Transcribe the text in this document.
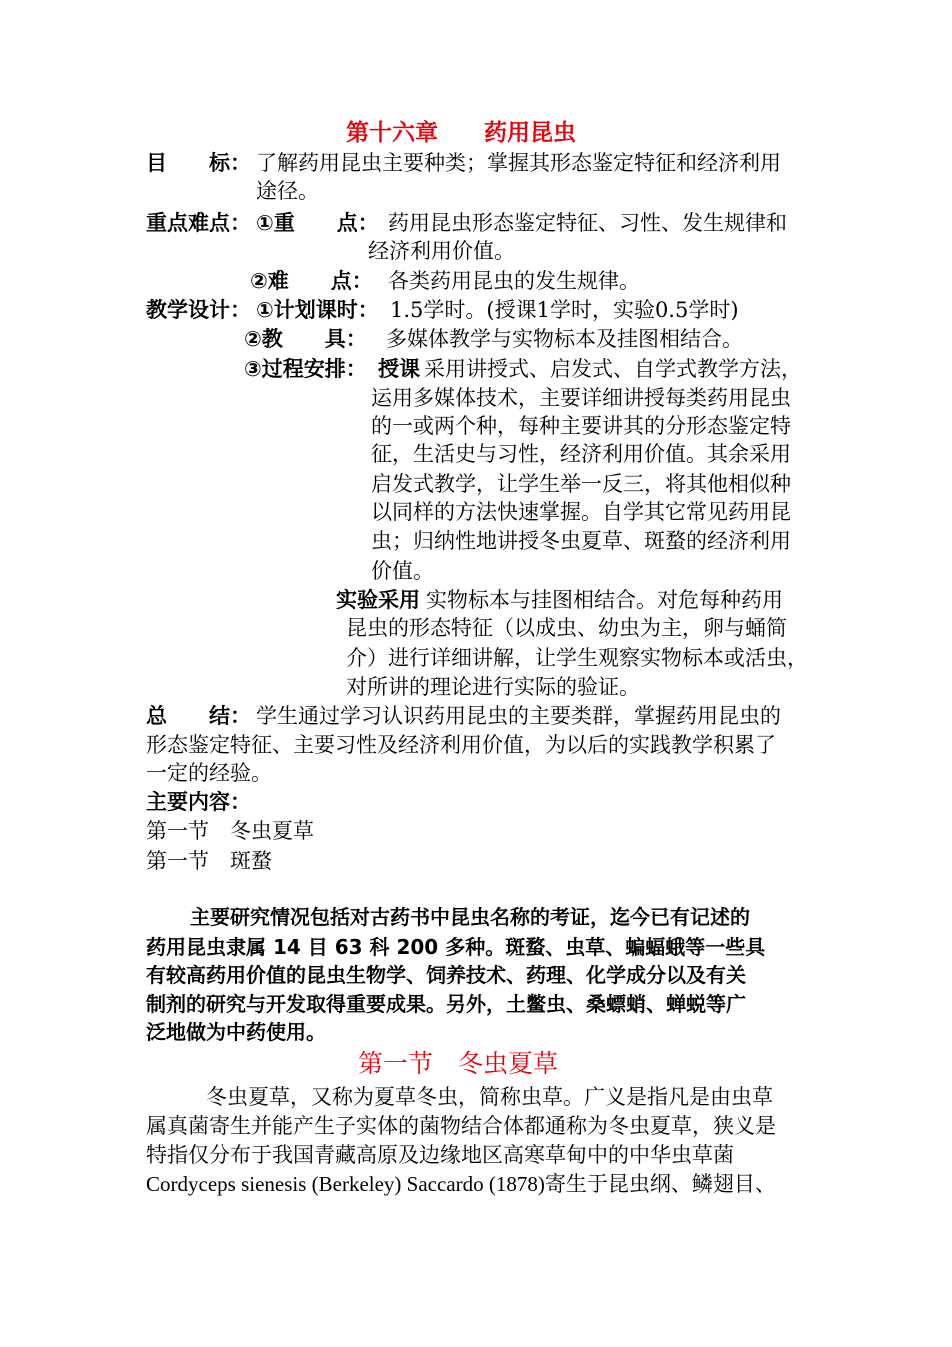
第十六章　　药用昆虫
目　　标： 了解药用昆虫主要种类；掌握其形态鉴定特征和经济利用
途径。
重点难点： ①重　　点： 药用昆虫形态鉴定特征、习性、发生规律和
经济利用价值。
②难　　点： 各类药用昆虫的发生规律。
教学设计： ①计划课时： 1.5学时。(授课1学时，实验0.5学时)
②教　　具： 多媒体教学与实物标本及挂图相结合。
③过程安排： 授课 采用讲授式、启发式、自学式教学方法，
运用多媒体技术，主要详细讲授每类药用昆虫
的一或两个种，每种主要讲其的分形态鉴定特
征，生活史与习性，经济利用价值。其余采用
启发式教学，让学生举一反三，将其他相似种
以同样的方法快速掌握。自学其它常见药用昆
虫；归纳性地讲授冬虫夏草、斑蝥的经济利用
价值。
实验采用 实物标本与挂图相结合。对危每种药用
昆虫的形态特征（以成虫、幼虫为主，卵与蛹简
介）进行详细讲解，让学生观察实物标本或活虫，
对所讲的理论进行实际的验证。
总　　结： 学生通过学习认识药用昆虫的主要类群，掌握药用昆虫的
形态鉴定特征、主要习性及经济利用价值，为以后的实践教学积累了
一定的经验。
主要内容：
第一节　冬虫夏草
第一节　斑蝥
主要研究情况包括对古药书中昆虫名称的考证，迄今已有记述的
药用昆虫隶属 14 目 63 科 200 多种。斑蝥、虫草、蝙蝠蛾等一些具
有较高药用价值的昆虫生物学、饲养技术、药理、化学成分以及有关
制剂的研究与开发取得重要成果。另外，土鳖虫、桑螵蛸、蝉蜕等广
泛地做为中药使用。
第一节　冬虫夏草
冬虫夏草，又称为夏草冬虫，简称虫草。广义是指凡是由虫草
属真菌寄生并能产生子实体的菌物结合体都通称为冬虫夏草，狭义是
特指仅分布于我国青藏高原及边缘地区高寒草甸中的中华虫草菌
Cordyceps sienesis (Berkeley) Saccardo (1878)寄生于昆虫纲、鳞翅目、
